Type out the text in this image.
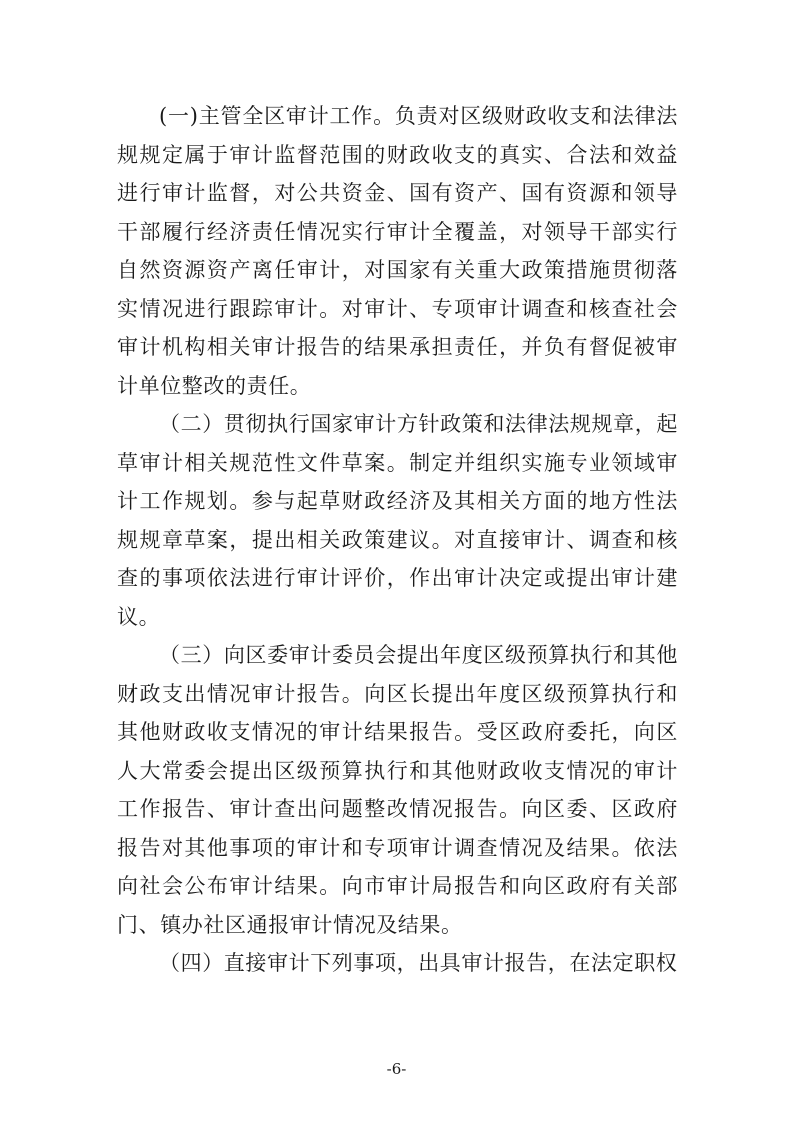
(一)主管全区审计工作。负责对区级财政收支和法律法规规定属于审计监督范围的财政收支的真实、合法和效益进行审计监督，对公共资金、国有资产、国有资源和领导干部履行经济责任情况实行审计全覆盖，对领导干部实行自然资源资产离任审计，对国家有关重大政策措施贯彻落实情况进行跟踪审计。对审计、专项审计调查和核查社会审计机构相关审计报告的结果承担责任，并负有督促被审计单位整改的责任。

（二）贯彻执行国家审计方针政策和法律法规规章，起草审计相关规范性文件草案。制定并组织实施专业领域审计工作规划。参与起草财政经济及其相关方面的地方性法规规章草案，提出相关政策建议。对直接审计、调查和核查的事项依法进行审计评价，作出审计决定或提出审计建议。

（三）向区委审计委员会提出年度区级预算执行和其他财政支出情况审计报告。向区长提出年度区级预算执行和其他财政收支情况的审计结果报告。受区政府委托，向区人大常委会提出区级预算执行和其他财政收支情况的审计工作报告、审计查出问题整改情况报告。向区委、区政府报告对其他事项的审计和专项审计调查情况及结果。依法向社会公布审计结果。向市审计局报告和向区政府有关部门、镇办社区通报审计情况及结果。

（四）直接审计下列事项，出具审计报告，在法定职权

-6-
